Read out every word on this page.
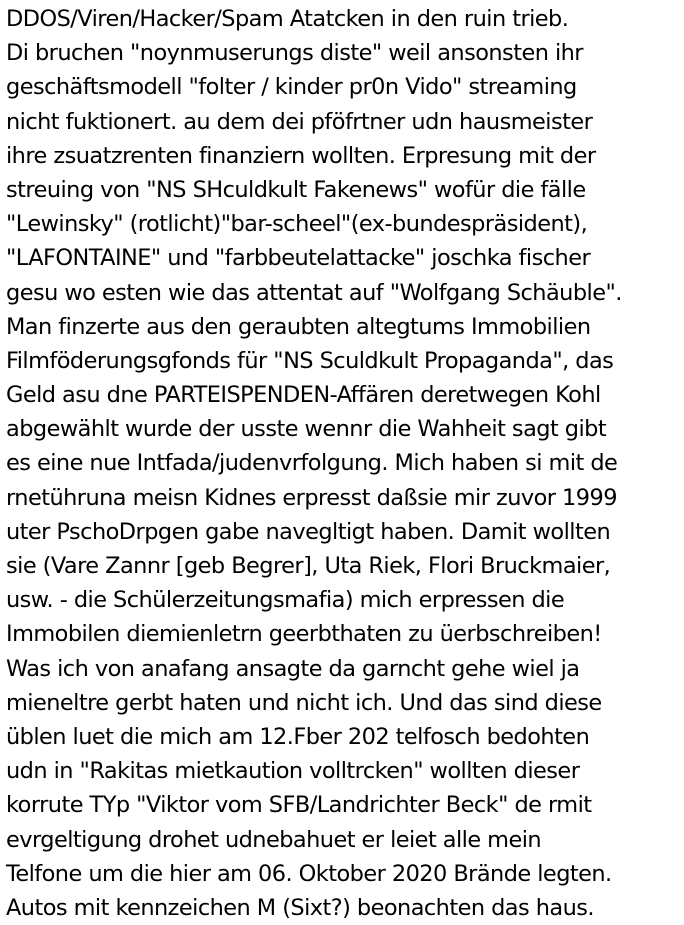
DDOS/Viren/Hacker/Spam Atatcken in den ruin trieb.
Di bruchen "noynmuserungs diste" weil ansonsten ihr
geschäftsmodell "folter / kinder pr0n Vido" streaming
nicht fuktionert. au dem dei pföfrtner udn hausmeister
ihre zsuatzrenten finanziern wollten. Erpresung mit der
streuing von "NS SHculdkult Fakenews" wofür die fälle
"Lewinsky" (rotlicht)"bar-scheel"(ex-bundespräsident),
"LAFONTAINE" und "farbbeutelattacke" joschka fischer
gesu wo esten wie das attentat auf "Wolfgang Schäuble".
Man finzerte aus den geraubten altegtums Immobilien
Filmföderungsgfonds für "NS Sculdkult Propaganda", das
Geld asu dne PARTEISPENDEN-Affären deretwegen Kohl
abgewählt wurde der usste wennr die Wahheit sagt gibt
es eine nue Intfada/judenvrfolgung. Mich haben si mit de
rnetühruna meisn Kidnes erpresst daßsie mir zuvor 1999
uter PschoDrpgen gabe naveglti̇gt haben. Damit wollten
sie (Vare Zannr [geb Begrer], Uta Riek, Flori Bruckmaier,
usw. - die Schülerzeitungsmafia) mich erpressen die
Immobilen diemienletrn geerbthaten zu üerbschreiben!
Was ich von anafang ansagte da garncht gehe wiel ja
mieneltre gerbt haten und nicht ich. Und das sind diese
üblen luet die mich am 12.Fber 202 telfosch bedohten
udn in "Rakitas mietkaution volltrcken" wollten dieser
korrute TYp "Viktor vom SFB/Landrichter Beck" de rmit
evrgeltigung drohet udnebahuet er leiet alle mein
Telfone um die hier am 06. Oktober 2020 Brände legten.
Autos mit kennzeichen M (Sixt?) beonachten das haus.
